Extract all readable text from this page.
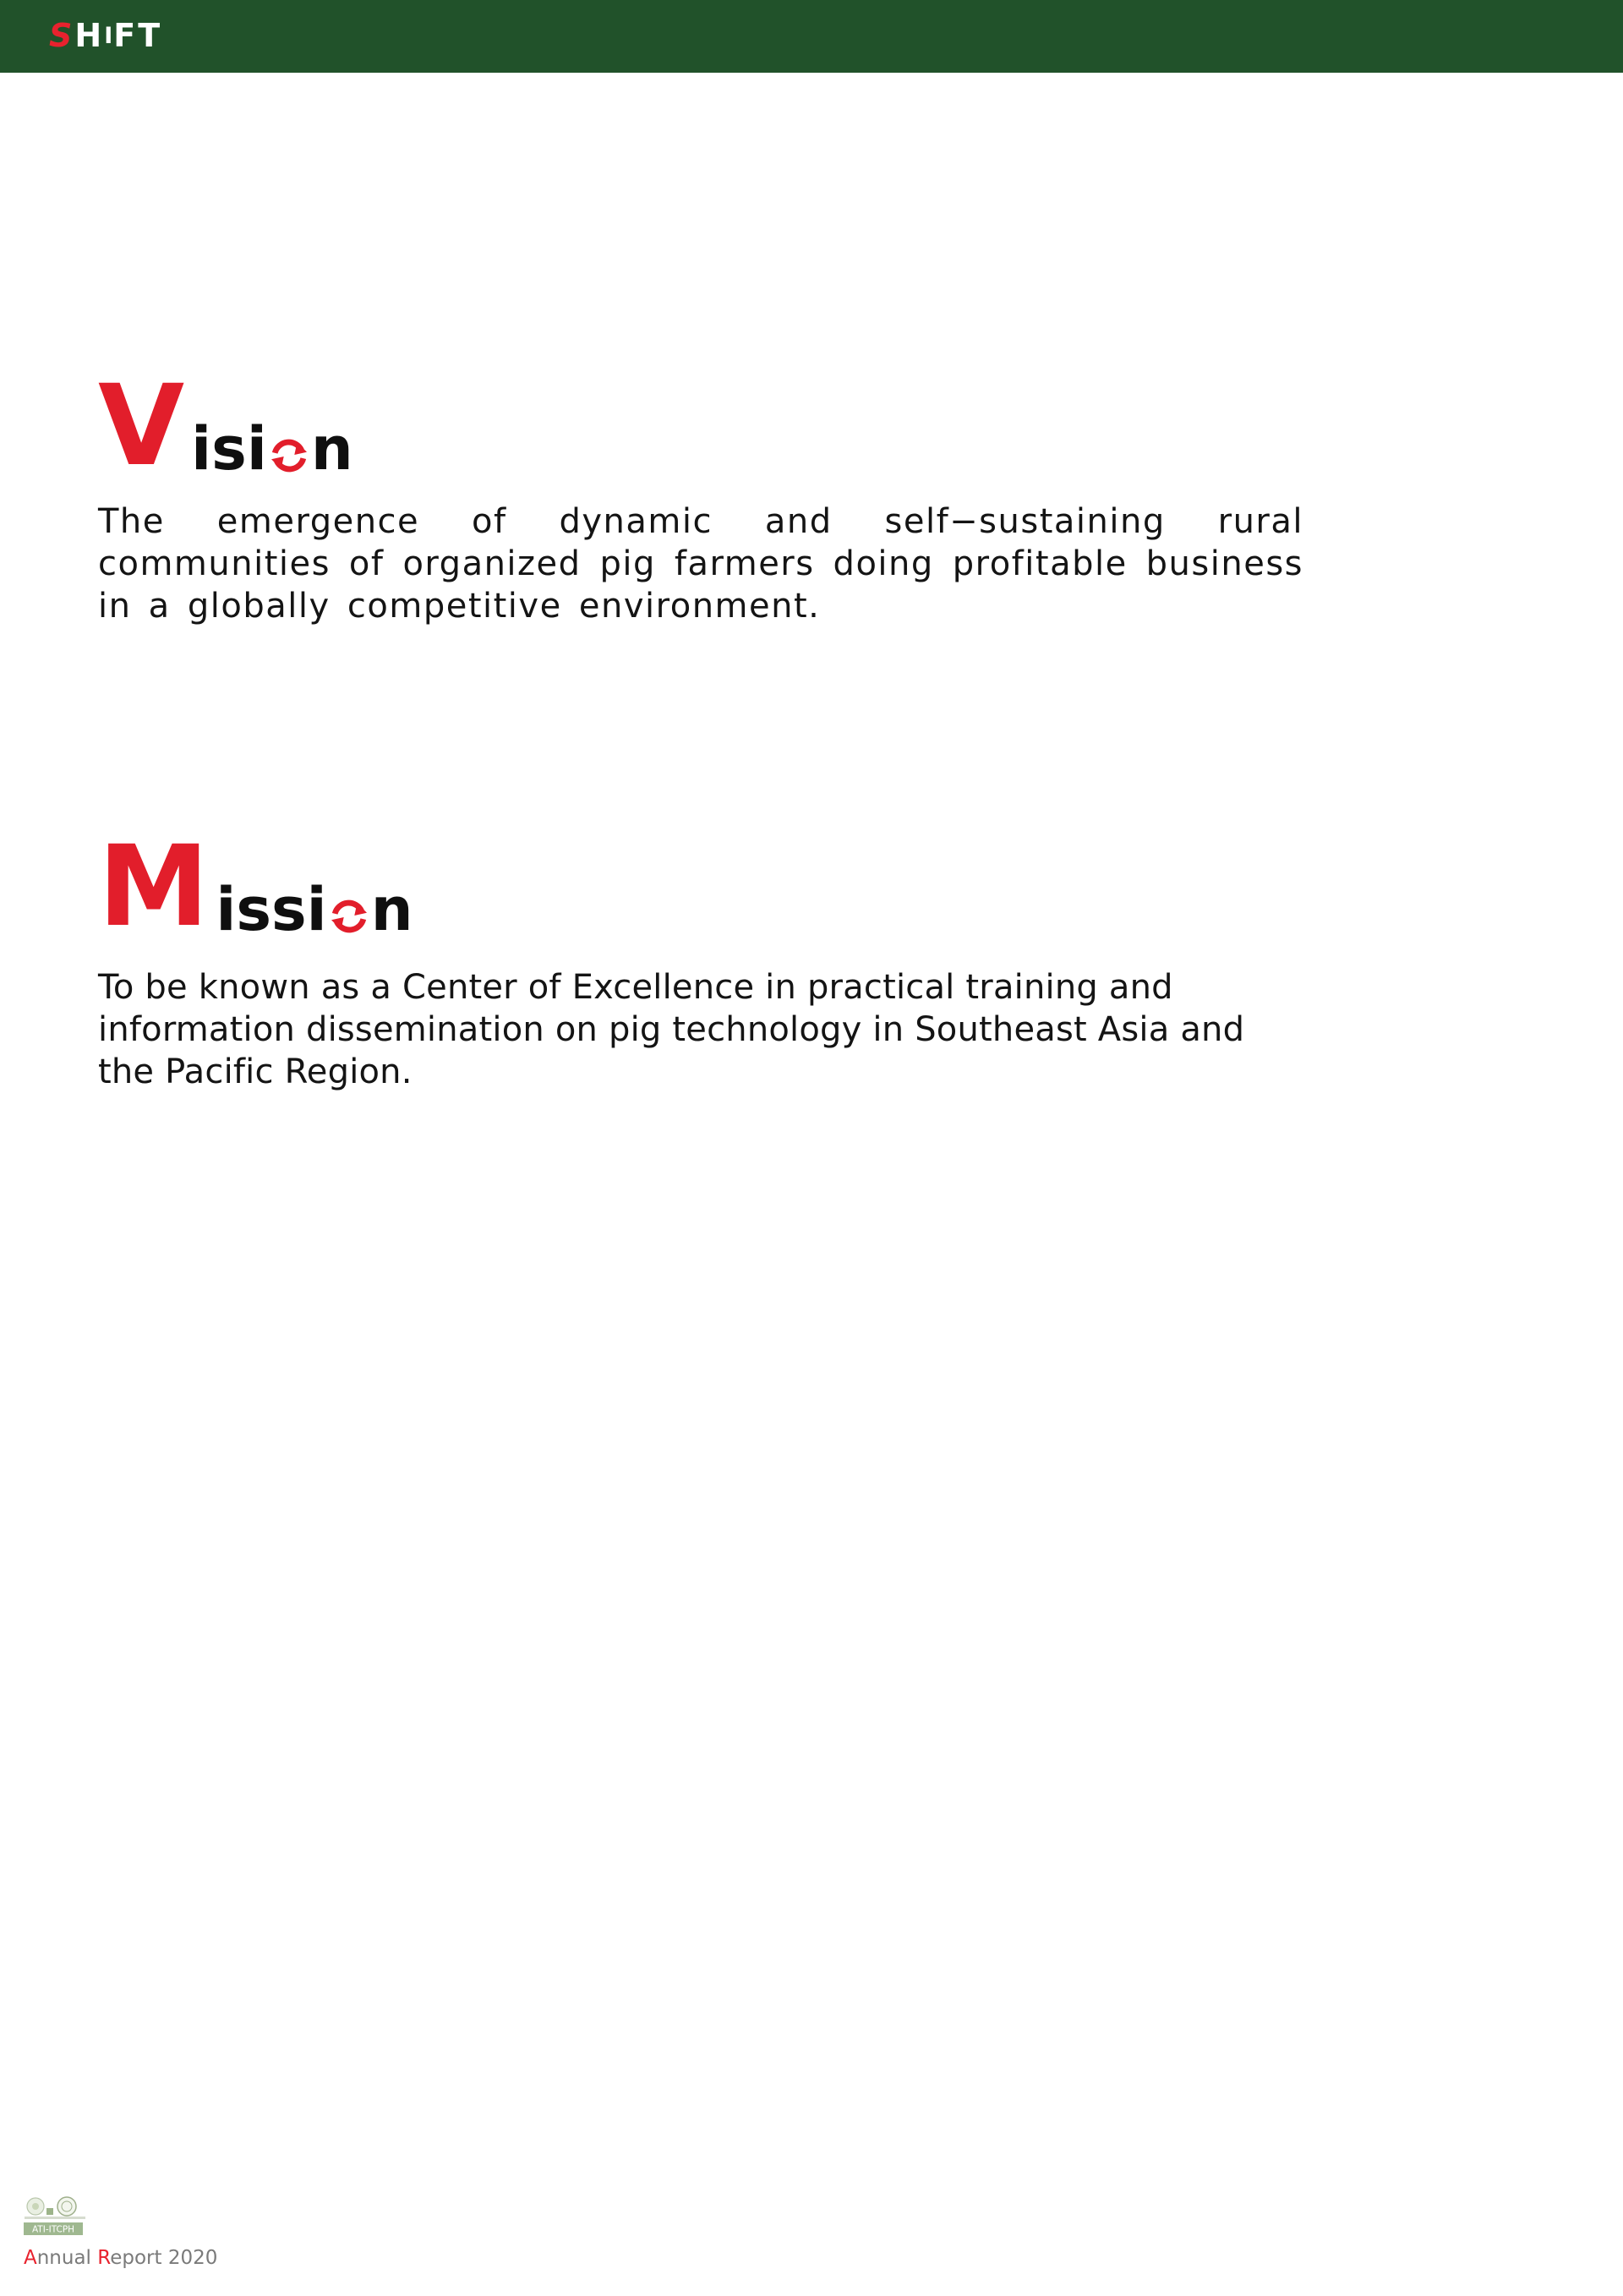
S H I FT
V isi n

The emergence of dynamic and self−sustaining rural communities of organized pig farmers doing profitable business in a globally competitive environment.

M issi n

To be known as a Center of Excellence in practical training and information dissemination on pig technology in Southeast Asia and the Pacific Region.

ATI-ITCPH
Annual Report 2020
